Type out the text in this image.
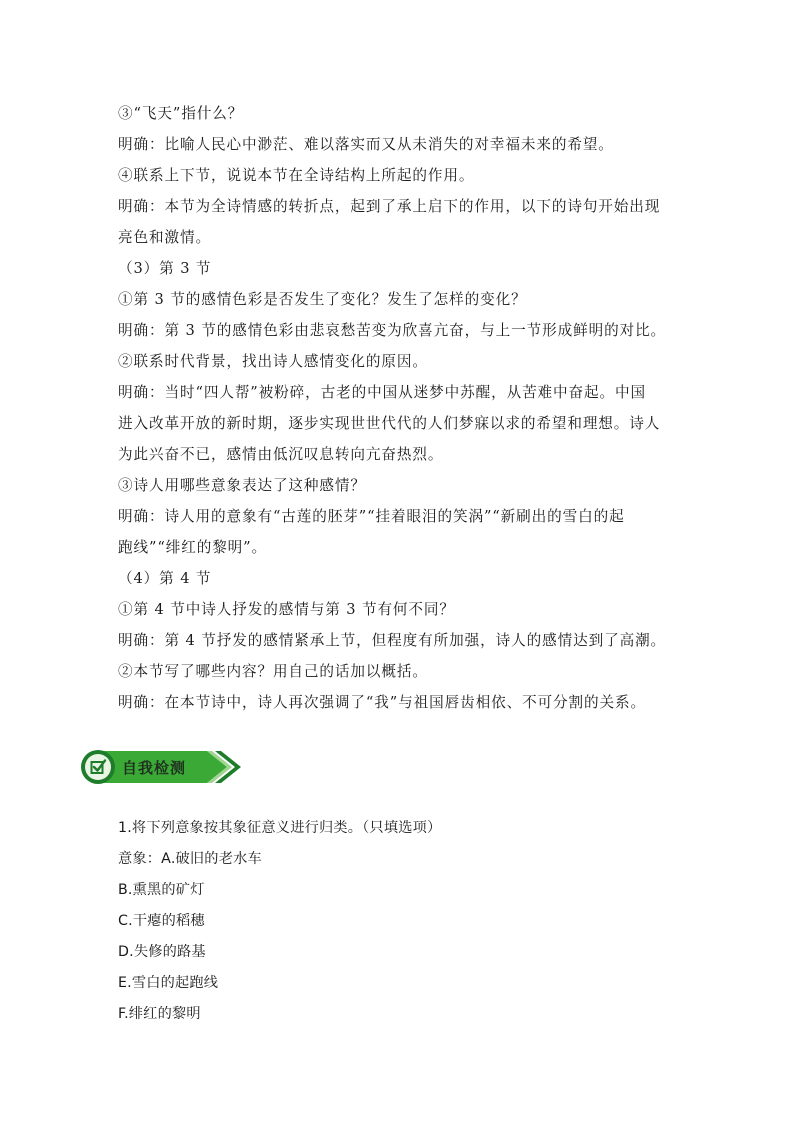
③“飞天”指什么？

明确：比喻人民心中渺茫、难以落实而又从未消失的对幸福未来的希望。

④联系上下节，说说本节在全诗结构上所起的作用。

明确：本节为全诗情感的转折点，起到了承上启下的作用，以下的诗句开始出现

亮色和激情。

（3）第 3 节

①第 3 节的感情色彩是否发生了变化？发生了怎样的变化？

明确：第 3 节的感情色彩由悲哀愁苦变为欣喜亢奋，与上一节形成鲜明的对比。

②联系时代背景，找出诗人感情变化的原因。

明确：当时“四人帮”被粉碎，古老的中国从迷梦中苏醒，从苦难中奋起。中国

进入改革开放的新时期，逐步实现世世代代的人们梦寐以求的希望和理想。诗人

为此兴奋不已，感情由低沉叹息转向亢奋热烈。

③诗人用哪些意象表达了这种感情？

明确：诗人用的意象有“古莲的胚芽”“挂着眼泪的笑涡”“新刷出的雪白的起

跑线”“绯红的黎明”。

（4）第 4 节

①第 4 节中诗人抒发的感情与第 3 节有何不同？

明确：第 4 节抒发的感情紧承上节，但程度有所加强，诗人的感情达到了高潮。

②本节写了哪些内容？用自己的话加以概括。

明确：在本节诗中，诗人再次强调了“我”与祖国唇齿相依、不可分割的关系。

自我检测

1.将下列意象按其象征意义进行归类。（只填选项）

意象：A.破旧的老水车

B.熏黑的矿灯

C.干瘪的稻穗

D.失修的路基

E.雪白的起跑线

F.绯红的黎明
